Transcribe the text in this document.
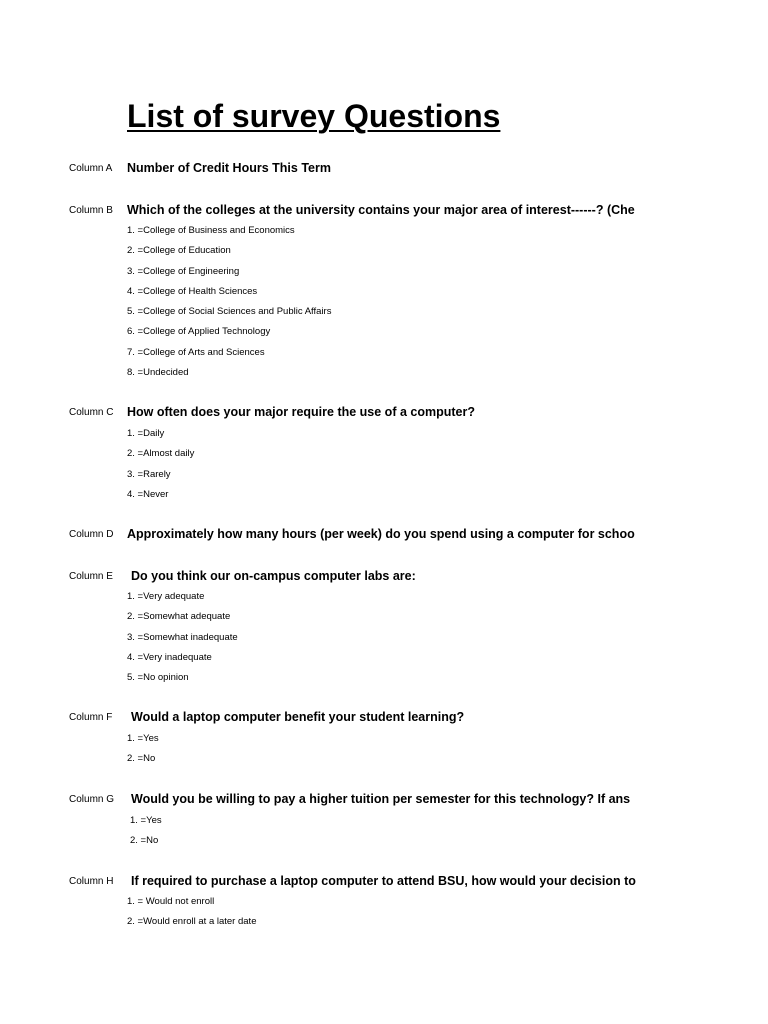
List of survey Questions
Column A Number of Credit Hours This Term
Column B Which of the colleges at the university contains your major area of interest------? (Che
1. =College of Business and Economics
2. =College of Education
3. =College of Engineering
4. =College of Health Sciences
5. =College of Social Sciences and Public Affairs
6. =College of Applied Technology
7. =College of Arts and Sciences
8. =Undecided
Column C How often does your major require the use of a computer?
1. =Daily
2. =Almost daily
3. =Rarely
4. =Never
Column D Approximately how many hours (per week) do you spend using a computer for schoo
Column E Do you think our on-campus computer labs are:
1. =Very adequate
2. =Somewhat adequate
3. =Somewhat inadequate
4. =Very inadequate
5. =No opinion
Column F Would a laptop computer benefit your student learning?
1. =Yes
2. =No
Column G Would you be willing to pay a higher tuition per semester for this technology? If ans
1. =Yes
2. =No
Column H If required to purchase a laptop computer to attend BSU, how would your decision to
1. = Would not enroll
2. =Would enroll at a later date
